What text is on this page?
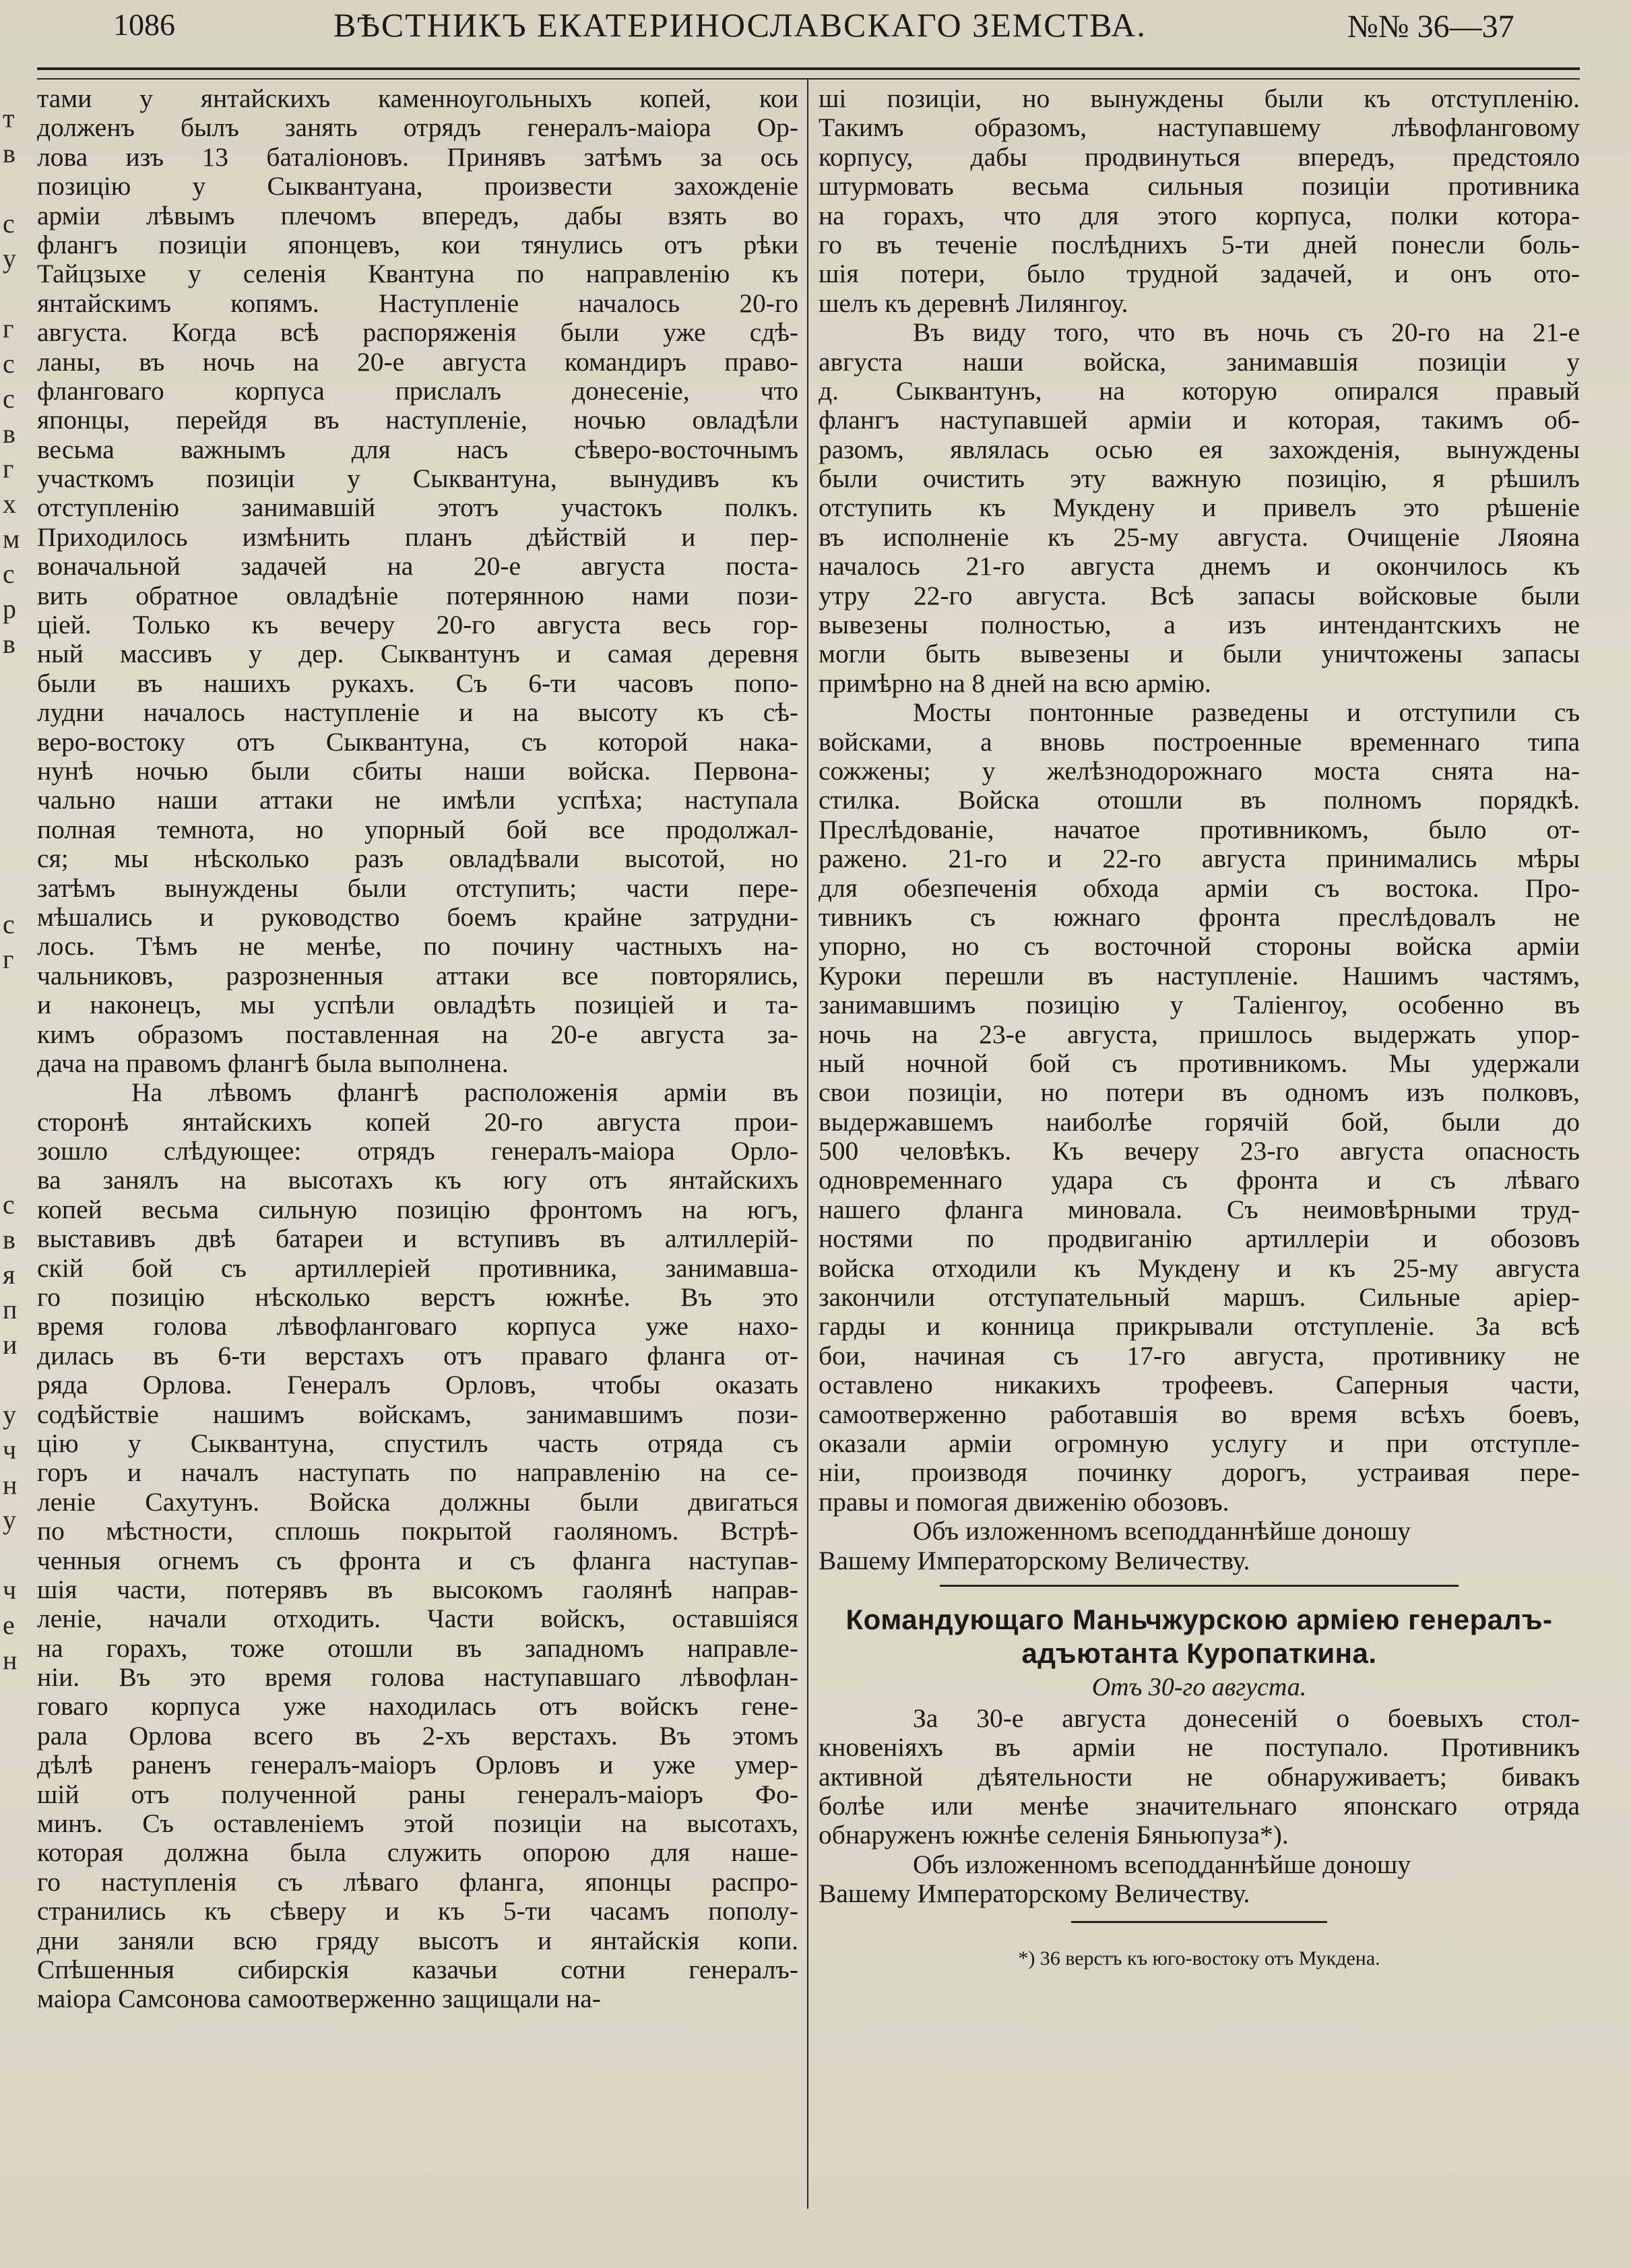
т
в

с
у

г
с
с
в
г
х
м
с
р
в

с
г

с
в
я
п
и

у
ч
н
у

ч
е
н
1086	ВѢСТНИКЪ ЕКАТЕРИНОСЛАВСКАГО ЗЕМСТВА.	№№ 36—37
тами у янтайскихъ каменноугольныхъ копей, кои
долженъ былъ занять отрядъ генералъ-маіора Ор-
лова изъ 13 баталіоновъ. Принявъ затѣмъ за ось
позицію у Сыквантуана, произвести захожденіе
арміи лѣвымъ плечомъ впередъ, дабы взять во
флангъ позиціи японцевъ, кои тянулись отъ рѣки
Тайцзыхе у селенія Квантуна по направленію къ
янтайскимъ копямъ. Наступленіе началось 20-го
августа. Когда всѣ распоряженія были уже сдѣ-
ланы, въ ночь на 20-е августа командиръ право-
фланговаго корпуса прислалъ донесеніе, что
японцы, перейдя въ наступленіе, ночью овладѣли
весьма важнымъ для насъ сѣверо-восточнымъ
участкомъ позиціи у Сыквантуна, вынудивъ къ
отступленію занимавшій этотъ участокъ полкъ.
Приходилось измѣнить планъ дѣйствій и пер-
воначальной задачей на 20-е августа поста-
вить обратное овладѣніе потерянною нами пози-
ціей. Только къ вечеру 20-го августа весь гор-
ный массивъ у дер. Сыквантунъ и самая деревня
были въ нашихъ рукахъ. Съ 6-ти часовъ попо-
лудни началось наступленіе и на высоту къ сѣ-
веро-востоку отъ Сыквантуна, съ которой нака-
нунѣ ночью были сбиты наши войска. Первона-
чально наши аттаки не имѣли успѣха; наступала
полная темнота, но упорный бой все продолжал-
ся; мы нѣсколько разъ овладѣвали высотой, но
затѣмъ вынуждены были отступить; части пере-
мѣшались и руководство боемъ крайне затрудни-
лось. Тѣмъ не менѣе, по почину частныхъ на-
чальниковъ, разрозненныя аттаки все повторялись,
и наконецъ, мы успѣли овладѣть позиціей и та-
кимъ образомъ поставленная на 20-е августа за-
дача на правомъ флангѣ была выполнена.
На лѣвомъ флангѣ расположенія арміи въ
сторонѣ янтайскихъ копей 20-го августа прои-
зошло слѣдующее: отрядъ генералъ-маіора Орло-
ва занялъ на высотахъ къ югу отъ янтайскихъ
копей весьма сильную позицію фронтомъ на югъ,
выставивъ двѣ батареи и вступивъ въ алтиллерій-
скій бой съ артиллеріей противника, занимавша-
го позицію нѣсколько верстъ южнѣе. Въ это
время голова лѣвофланговаго корпуса уже нахо-
дилась въ 6-ти верстахъ отъ праваго фланга от-
ряда Орлова. Генералъ Орловъ, чтобы оказать
содѣйствіе нашимъ войскамъ, занимавшимъ пози-
цію у Сыквантуна, спустилъ часть отряда съ
горъ и началъ наступать по направленію на се-
леніе Сахутунъ. Войска должны были двигаться
по мѣстности, сплошь покрытой гаоляномъ. Встрѣ-
ченныя огнемъ съ фронта и съ фланга наступав-
шія части, потерявъ въ высокомъ гаолянѣ направ-
леніе, начали отходить. Части войскъ, оставшіяся
на горахъ, тоже отошли въ западномъ направле-
ніи. Въ это время голова наступавшаго лѣвофлан-
говаго корпуса уже находилась отъ войскъ гене-
рала Орлова всего въ 2-хъ верстахъ. Въ этомъ
дѣлѣ раненъ генералъ-маіоръ Орловъ и уже умер-
шій отъ полученной раны генералъ-маіоръ Фо-
минъ. Съ оставленіемъ этой позиціи на высотахъ,
которая должна была служить опорою для наше-
го наступленія съ лѣваго фланга, японцы распро-
странились къ сѣверу и къ 5-ти часамъ пополу-
дни заняли всю гряду высотъ и янтайскія копи.
Спѣшенныя сибирскія казачьи сотни генералъ-
маіора Самсонова самоотверженно защищали на-
шi позиціи, но вынуждены были къ отступленію.
Такимъ образомъ, наступавшему лѣвофланговому
корпусу, дабы продвинуться впередъ, предстояло
штурмовать весьма сильныя позиціи противника
на горахъ, что для этого корпуса, полки котора-
го въ теченіе послѣднихъ 5-ти дней понесли боль-
шія потери, было трудной задачей, и онъ ото-
шелъ къ деревнѣ Лилянгоу.
Въ виду того, что въ ночь съ 20-го на 21-е
августа наши войска, занимавшія позиціи у
д. Сыквантунъ, на которую опирался правый
флангъ наступавшей арміи и которая, такимъ об-
разомъ, являлась осью ея захожденія, вынуждены
были очистить эту важную позицію, я рѣшилъ
отступить къ Мукдену и привелъ это рѣшеніе
въ исполненіе къ 25-му августа. Очищеніе Ляояна
началось 21-го августа днемъ и окончилось къ
утру 22-го августа. Всѣ запасы войсковые были
вывезены полностью, а изъ интендантскихъ не
могли быть вывезены и были уничтожены запасы
примѣрно на 8 дней на всю армію.
Мосты понтонные разведены и отступили съ
войсками, а вновь построенные временнаго типа
сожжены; у желѣзнодорожнаго моста снята на-
стилка. Войска отошли въ полномъ порядкѣ.
Преслѣдованіе, начатое противникомъ, было от-
ражено. 21-го и 22-го августа принимались мѣры
для обезпеченія обхода арміи съ востока. Про-
тивникъ съ южнаго фронта преслѣдовалъ не
упорно, но съ восточной стороны войска арміи
Куроки перешли въ наступленіе. Нашимъ частямъ,
занимавшимъ позицію у Таліенгоу, особенно въ
ночь на 23-е августа, пришлось выдержать упор-
ный ночной бой съ противникомъ. Мы удержали
свои позиціи, но потери въ одномъ изъ полковъ,
выдержавшемъ наиболѣе горячій бой, были до
500 человѣкъ. Къ вечеру 23-го августа опасность
одновременнаго удара съ фронта и съ лѣваго
нашего фланга миновала. Съ неимовѣрными труд-
ностями по продвиганію артиллеріи и обозовъ
войска отходили къ Мукдену и къ 25-му августа
закончили отступательный маршъ. Сильные аріер-
гарды и конница прикрывали отступленіе. За всѣ
бои, начиная съ 17-го августа, противнику не
оставлено никакихъ трофеевъ. Саперныя части,
самоотверженно работавшія во время всѣхъ боевъ,
оказали арміи огромную услугу и при отступле-
ніи, производя починку дорогъ, устраивая пере-
правы и помогая движенію обозовъ.
Объ изложенномъ всеподданнѣйше доношу
Вашему Императорскому Величеству.
Командующаго Маньчжурскою арміею генералъ-
адъютанта Куропаткина.
Отъ 30-го августа.
За 30-е августа донесеній о боевыхъ стол-
кновеніяхъ въ арміи не поступало. Противникъ
активной дѣятельности не обнаруживаетъ; бивакъ
болѣе или менѣе значительнаго японскаго отряда
обнаруженъ южнѣе селенія Бяньюпуза*).
Объ изложенномъ всеподданнѣйше доношу
Вашему Императорскому Величеству.
*) 36 верстъ къ юго-востоку отъ Мукдена.
